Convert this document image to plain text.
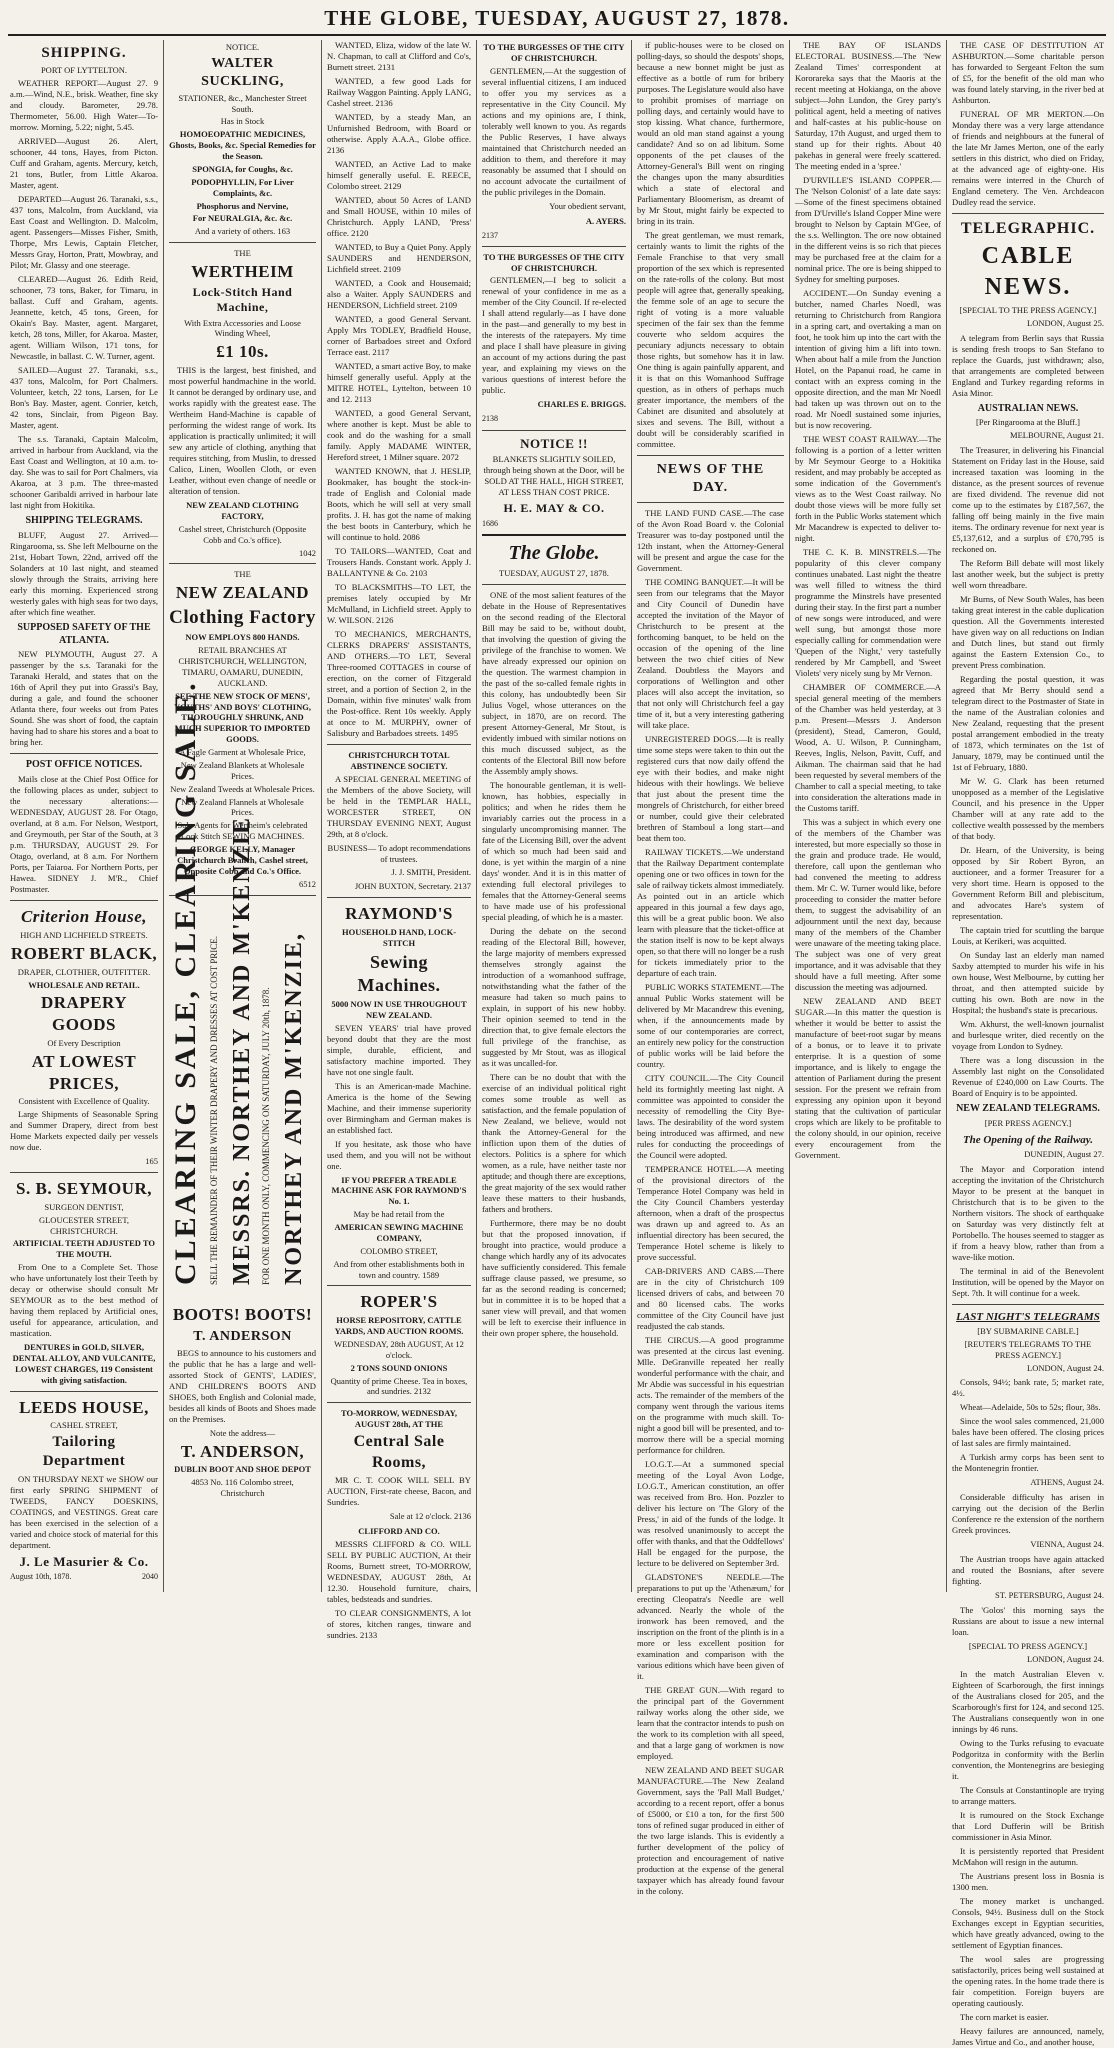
THE GLOBE, TUESDAY, AUGUST 27, 1878.
SHIPPING.
PORT OF LYTTELTON.

WEATHER REPORT—August 27. 9 a.m.—Wind, N.E., brisk. Weather, fine sky and cloudy. Barometer, 29.78. Thermometer, 56.00. High Water—To-morrow. Morning, 5.22; night, 5.45.

ARRIVED—August 26. Alert, schooner, 44 tons, Hayes, from Picton. Cuff and Graham, agents. Mercury, ketch, 21 tons, Butler, from Little Akaroa. Master, agent.

DEPARTED—August 26. Taranaki, s.s., 437 tons, Malcolm, from Auckland, via East Coast and Wellington. D. Malcolm, agent. Passengers—Misses Fisher, Smith, Thorpe, Mrs Lewis, Captain Fletcher, Messrs Gray, Horton, Pratt, Mowbray, and Pilot; Mr. Glassy and one steerage.

CLEARED—August 26. Edith Reid, schooner, 73 tons, Baker, for Timaru, in ballast. Cuff and Graham, agents. Jeannette, ketch, 45 tons, Green, for Okain's Bay. Master, agent. Margaret, ketch, 28 tons, Miller, for Akaroa. Master, agent. William Wilson, 171 tons, for Newcastle, in ballast. C. W. Turner, agent.

SAILED—August 27. Taranaki, s.s., 437 tons, Malcolm, for Port Chalmers. Volunteer, ketch, 22 tons, Larsen, for Le Bon's Bay. Master, agent. Conrier, ketch, 42 tons, Sinclair, from Pigeon Bay. Master, agent.

The s.s. Taranaki, Captain Malcolm, arrived in harbour from Auckland, via the East Coast and Wellington, at 10 a.m. to-day. She was to sail for Port Chalmers, via Akaroa, at 3 p.m. The three-masted schooner Garibaldi arrived in harbour late last night from Hokitika.

SHIPPING TELEGRAMS.

BLUFF, August 27. Arrived—Ringarooma, ss. She left Melbourne on the 21st, Hobart Town, 22nd, arrived off the Solanders at 10 last night, and steamed slowly through the Straits, arriving here early this morning. Experienced strong westerly gales with high seas for two days, after which fine weather.

SUPPOSED SAFETY OF THE ATLANTA.

NEW PLYMOUTH, August 27. A passenger by the s.s. Taranaki for the Taranaki Herald, and states that on the 16th of April they put into Grassi's Bay, during a gale, and found the schooner Atlanta there, four weeks out from Pates Sound. She was short of food, the captain having had to share his stores and a boat to bring her.

POST OFFICE NOTICES.

Mails close at the Chief Post Office for the following places as under, subject to the necessary alterations:— WEDNESDAY, AUGUST 28. For Otago, overland, at 8 a.m. For Nelson, Westport, and Greymouth, per Star of the South, at 3 p.m. THURSDAY, AUGUST 29. For Otago, overland, at 8 a.m. For Northern Ports, per Taiaroa. For Northern Ports, per Hawea. SIDNEY J. M'R., Chief Postmaster.

Criterion House,
HIGH AND LICHFIELD STREETS.
ROBERT BLACK,
DRAPER, CLOTHIER, OUTFITTER.
WHOLESALE AND RETAIL.
DRAPERY GOODS
Of Every Description
AT LOWEST PRICES,
Consistent with Excellence of Quality.

Large Shipments of Seasonable Spring and Summer Drapery, direct from best Home Markets expected daily per vessels now due.

165
S. B. SEYMOUR,
SURGEON DENTIST,
GLOUCESTER STREET, CHRISTCHURCH.
ARTIFICIAL TEETH ADJUSTED TO THE MOUTH.

From One to a Complete Set. Those who have unfortunately lost their Teeth by decay or otherwise should consult Mr SEYMOUR as to the best method of having them replaced by Artificial ones, useful for appearance, articulation, and mastication.

DENTURES in GOLD, SILVER, DENTAL ALLOY, AND VULCANITE, LOWEST CHARGES, 119 Consistent with giving satisfaction.
LEEDS HOUSE,
CASHEL STREET,
Tailoring Department

ON THURSDAY NEXT we SHOW our first early SPRING SHIPMENT of TWEEDS, FANCY DOESKINS, COATINGS, and VESTINGS. Great care has been exercised in the selection of a varied and choice stock of material for this department.

J. Le Masurier & Co.
August 10th, 1878.	2040
NOTICE.
WALTER SUCKLING,
STATIONER, &c., Manchester Street South.
Has in Stock
HOMOEOPATHIC MEDICINES, Ghosts, Books, &c. Special Remedies for the Season.
SPONGIA, for Coughs, &c.
PODOPHYLLIN, For Liver Complaints, &c.
Phosphorus and Nervine,
For NEURALGIA, &c. &c.
And a variety of others. 163
THE
WERTHEIM
Lock-Stitch Hand Machine,
With Extra Accessories and Loose Winding Wheel,
£1 10s.

THIS is the largest, best finished, and most powerful handmachine in the world. It cannot be deranged by ordinary use, and works rapidly with the greatest ease. The Wertheim Hand-Machine is capable of performing the widest range of work. Its application is practically unlimited; it will sew any article of clothing, anything that requires stitching, from Muslin, to dressed Calico, Linen, Woollen Cloth, or even Leather, without even change of needle or alteration of tension.

NEW ZEALAND CLOTHING FACTORY,
Cashel street, Christchurch (Opposite Cobb and Co.'s office).
1042
THE
NEW ZEALAND
Clothing Factory
NOW EMPLOYS 800 HANDS.
RETAIL BRANCHES AT CHRISTCHURCH, WELLINGTON, TIMARU, OAMARU, DUNEDIN, AUCKLAND.
SEE THE NEW STOCK OF MENS', YOUTHS' AND BOYS' CLOTHING, THOROUGHLY SHRUNK, AND MUCH SUPERIOR TO IMPORTED GOODS.
A Fagle Garment at Wholesale Price,
New Zealand Blankets at Wholesale Prices.
New Zealand Tweeds at Wholesale Prices.
New Zealand Flannels at Wholesale Prices.
Sole Agents for Wertheim's celebrated Lock Stitch SEWING MACHINES.
GEORGE KELLY, Manager Christchurch Branch, Cashel street, Opposite Cobb and Co.'s Office.
6512
CLEARING SALE, CLEARING SALE. SELL THE REMAINDER OF THEIR WINTER DRAPERY AND DRESSES AT COST PRICE. MESSRS. NORTHEY AND M'KENZIE FOR ONE MONTH ONLY, COMMENCING ON SATURDAY, JULY 20th, 1878. NORTHEY AND M'KENZIE,
BOOTS! BOOTS!
T. ANDERSON

BEGS to announce to his customers and the public that he has a large and well-assorted Stock of GENTS', LADIES', AND CHILDREN'S BOOTS AND SHOES, both English and Colonial made, besides all kinds of Boots and Shoes made on the Premises.

Note the address—
T. ANDERSON,
DUBLIN BOOT AND SHOE DEPOT
4853 No. 116 Colombo street, Christchurch

WANTED, Eliza, widow of the late W. N. Chapman, to call at Clifford and Co's, Burnett street. 2131

WANTED, a few good Lads for Railway Waggon Painting. Apply LANG, Cashel street. 2136

WANTED, by a steady Man, an Unfurnished Bedroom, with Board or otherwise. Apply A.A.A., Globe office. 2136

WANTED, an Active Lad to make himself generally useful. E. REECE, Colombo street. 2129

WANTED, about 50 Acres of LAND and Small HOUSE, within 10 miles of Christchurch. Apply LAND, 'Press' office. 2120

WANTED, to Buy a Quiet Pony. Apply SAUNDERS and HENDERSON, Lichfield street. 2109

WANTED, a Cook and Housemaid; also a Waiter. Apply SAUNDERS and HENDERSON, Lichfield street. 2109

WANTED, a good General Servant. Apply Mrs TODLEY, Bradfield House, corner of Barbadoes street and Oxford Terrace east. 2117

WANTED, a smart active Boy, to make himself generally useful. Apply at the MITRE HOTEL, Lyttelton, between 10 and 12. 2113

WANTED, a good General Servant, where another is kept. Must be able to cook and do the washing for a small family. Apply MADAME WINTER, Hereford street, 1 Milner square. 2072

WANTED KNOWN, that J. HESLIP, Bookmaker, has bought the stock-in-trade of English and Colonial made Boots, which he will sell at very small profits. J. H. has got the name of making the best boots in Canterbury, which he will continue to hold. 2086

TO TAILORS—WANTED, Coat and Trousers Hands. Constant work. Apply J. BALLANTYNE & Co. 2103

TO BLACKSMITHS—TO LET, the premises lately occupied by Mr McMulland, in Lichfield street. Apply to W. WILSON. 2126

TO MECHANICS, MERCHANTS, CLERKS DRAPERS' ASSISTANTS, AND OTHERS.—TO LET, Several Three-roomed COTTAGES in course of erection, on the corner of Fitzgerald street, and a portion of Section 2, in the Domain, within five minutes' walk from the Post-office. Rent 10s weekly. Apply at once to M. MURPHY, owner of Salisbury and Barbadoes streets. 1495

CHRISTCHURCH TOTAL ABSTINENCE SOCIETY.

A SPECIAL GENERAL MEETING of the Members of the above Society, will be held in the TEMPLAR HALL, WORCESTER STREET, ON THURSDAY EVENING NEXT, August 29th, at 8 o'clock.

BUSINESS— To adopt recommendations of trustees.
J. J. SMITH, President.
JOHN BUXTON, Secretary. 2137
RAYMOND'S
HOUSEHOLD HAND, LOCK-STITCH
Sewing Machines.
5000 NOW IN USE THROUGHOUT NEW ZEALAND.

SEVEN YEARS' trial have proved beyond doubt that they are the most simple, durable, efficient, and satisfactory machine imported. They have not one single fault.

This is an American-made Machine. America is the home of the Sewing Machine, and their immense superiority over Birmingham and German makes is an established fact.

If you hesitate, ask those who have used them, and you will not be without one.

IF YOU PREFER A TREADLE MACHINE ASK FOR RAYMOND'S No. 1.
May be had retail from the
AMERICAN SEWING MACHINE COMPANY,
COLOMBO STREET,
And from other establishments both in town and country. 1589
ROPER'S
HORSE REPOSITORY, CATTLE YARDS, AND AUCTION ROOMS.
WEDNESDAY, 28th AUGUST, At 12 o'clock.
2 TONS SOUND ONIONS
Quantity of prime Cheese. Tea in boxes, and sundries. 2132
TO-MORROW, WEDNESDAY, AUGUST 28th, AT THE
Central Sale Rooms,

MR C. T. COOK WILL SELL BY AUCTION, First-rate cheese, Bacon, and Sundries.

Sale at 12 o'clock. 2136
CLIFFORD AND CO.

MESSRS CLIFFORD & CO. WILL SELL BY PUBLIC AUCTION, At their Rooms, Burnett street, TO-MORROW, WEDNESDAY, AUGUST 28th, At 12.30. Household furniture, chairs, tables, bedsteads and sundries.

TO CLEAR CONSIGNMENTS, A lot of stores, kitchen ranges, tinware and sundries. 2133

TO THE BURGESSES OF THE CITY OF CHRISTCHURCH.

GENTLEMEN,—At the suggestion of several influential citizens, I am induced to offer you my services as a representative in the City Council. My actions and my opinions are, I think, tolerably well known to you. As regards the Public Reserves, I have always maintained that Christchurch needed an addition to them, and therefore it may reasonably be assumed that I should on no account advocate the curtailment of the public privileges in the Domain.

Your obedient servant,
A. AYERS.
2137
TO THE BURGESSES OF THE CITY OF CHRISTCHURCH.

GENTLEMEN,—I beg to solicit a renewal of your confidence in me as a member of the City Council. If re-elected I shall attend regularly—as I have done in the past—and generally to my best in the interests of the ratepayers. My time and place I shall have pleasure in giving an account of my actions during the past year, and explaining my views on the various questions of interest before the public.

CHARLES E. BRIGGS.
2138
NOTICE !!

BLANKETS SLIGHTLY SOILED, through being shown at the Door, will be SOLD AT THE HALL, HIGH STREET, AT LESS THAN COST PRICE.

H. E. MAY & CO.
1686
The Globe.
TUESDAY, AUGUST 27, 1878.

ONE of the most salient features of the debate in the House of Representatives on the second reading of the Electoral Bill may be said to be, without doubt, that involving the question of giving the privilege of the franchise to women. We have already expressed our opinion on the question. The warmest champion in the past of the so-called female rights in this colony, has undoubtedly been Sir Julius Vogel, whose utterances on the subject, in 1870, are on record. The present Attorney-General, Mr Stout, is evidently imbued with similar notions on this much discussed subject, as the contents of the Electoral Bill now before the Assembly amply shows.

The honourable gentleman, it is well-known, has hobbies, especially in politics; and when he rides them he invariably carries out the process in a singularly uncompromising manner. The fate of the Licensing Bill, over the advent of which so much had been said and done, is yet within the margin of a nine days' wonder. And it is in this matter of extending full electoral privileges to females that the Attorney-General seems to have made use of his professional special pleading, of which he is a master.

During the debate on the second reading of the Electoral Bill, however, the large majority of members expressed themselves strongly against the introduction of a womanhood suffrage, notwithstanding what the father of the measure had taken so much pains to explain, in support of his new hobby. Their opinion seemed to tend in the direction that, to give female electors the full privilege of the franchise, as suggested by Mr Stout, was as illogical as it was uncalled-for.

There can be no doubt that with the exercise of an individual political right comes some trouble as well as satisfaction, and the female population of New Zealand, we believe, would not thank the Attorney-General for the infliction upon them of the duties of electors. Politics is a sphere for which women, as a rule, have neither taste nor aptitude; and though there are exceptions, the great majority of the sex would rather leave these matters to their husbands, fathers and brothers.

Furthermore, there may be no doubt but that the proposed innovation, if brought into practice, would produce a change which hardly any of its advocates have sufficiently considered. This female suffrage clause passed, we presume, so far as the second reading is concerned; but in committee it is to be hoped that a saner view will prevail, and that women will be left to exercise their influence in their own proper sphere, the household.

if public-houses were to be closed on polling-days, so should the despots' shops, because a new bonnet might be just as effective as a bottle of rum for bribery purposes. The Legislature would also have to prohibit promises of marriage on polling days, and certainly would have to stop kissing. What chance, furthermore, would an old man stand against a young candidate? And so on ad libitum. Some opponents of the pet clauses of the Attorney-General's Bill went on ringing the changes upon the many absurdities which a state of electoral and Parliamentary Bloomerism, as dreamt of by Mr Stout, might fairly be expected to bring in its train.

The great gentleman, we must remark, certainly wants to limit the rights of the Female Franchise to that very small proportion of the sex which is represented on the rate-rolls of the colony. But most people will agree that, generally speaking, the femme sole of an age to secure the right of voting is a more valuable specimen of the fair sex than the femme couverte who seldom acquires the pecuniary adjuncts necessary to obtain those rights, but somehow has it in law. One thing is again painfully apparent, and it is that on this Womanhood Suffrage question, as in others of perhaps much greater importance, the members of the Cabinet are disunited and absolutely at sixes and sevens. The Bill, without a doubt will be considerably scarified in committee.

NEWS OF THE DAY.

THE LAND FUND CASE.—The case of the Avon Road Board v. the Colonial Treasurer was to-day postponed until the 12th instant, when the Attorney-General will be present and argue the case for the Government.

THE COMING BANQUET.—It will be seen from our telegrams that the Mayor and City Council of Dunedin have accepted the invitation of the Mayor of Christchurch to be present at the forthcoming banquet, to be held on the occasion of the opening of the line between the two chief cities of New Zealand. Doubtless the Mayors and corporations of Wellington and other places will also accept the invitation, so that not only will Christchurch feel a gay time of it, but a very interesting gathering will take place.

UNREGISTERED DOGS.—It is really time some steps were taken to thin out the registered curs that now daily offend the eye with their bodies, and make night hideous with their howlings. We believe that just about the present time the mongrels of Christchurch, for either breed or number, could give their celebrated brethren of Stamboul a long start—and beat them too.

RAILWAY TICKETS.—We understand that the Railway Department contemplate opening one or two offices in town for the sale of railway tickets almost immediately. As pointed out in an article which appeared in this journal a few days ago, this will be a great public boon. We also learn with pleasure that the ticket-office at the station itself is now to be kept always open, so that there will no longer be a rush for tickets immediately prior to the departure of each train.

PUBLIC WORKS STATEMENT.—The annual Public Works statement will be delivered by Mr Macandrew this evening, when, if the announcements made by some of our contemporaries are correct, an entirely new policy for the construction of public works will be laid before the country.

CITY COUNCIL.—The City Council held its fortnightly meeting last night. A committee was appointed to consider the necessity of remodelling the City Bye-laws. The desirability of the word system being introduced was affirmed, and new rules for conducting the proceedings of the Council were adopted.

TEMPERANCE HOTEL.—A meeting of the provisional directors of the Temperance Hotel Company was held in the City Council Chambers yesterday afternoon, when a draft of the prospectus was drawn up and agreed to. As an influential directory has been secured, the Temperance Hotel scheme is likely to prove successful.

CAB-DRIVERS AND CABS.—There are in the city of Christchurch 109 licensed drivers of cabs, and between 70 and 80 licensed cabs. The works committee of the City Council have just readjusted the cab stands.

THE CIRCUS.—A good programme was presented at the circus last evening. Mlle. DeGranville repeated her really wonderful performance with the chair, and Mr Abdie was successful in his equestrian acts. The remainder of the members of the company went through the various items on the programme with much skill. To-night a good bill will be presented, and to-morrow there will be a special morning performance for children.

I.O.G.T.—At a summoned special meeting of the Loyal Avon Lodge, I.O.G.T., American constitution, an offer was received from Bro. Hon. Pozzler to deliver his lecture on 'The Glory of the Press,' in aid of the funds of the lodge. It was resolved unanimously to accept the offer with thanks, and that the Oddfellows' Hall be engaged for the purpose, the lecture to be delivered on September 3rd.

GLADSTONE'S NEEDLE.—The preparations to put up the 'Athenæum,' for erecting Cleopatra's Needle are well advanced. Nearly the whole of the ironwork has been removed, and the inscription on the front of the plinth is in a more or less excellent position for examination and comparison with the various editions which have been given of it.

THE GREAT GUN.—With regard to the principal part of the Government railway works along the other side, we learn that the contractor intends to push on the work to its completion with all speed, and that a large gang of workmen is now employed.

NEW ZEALAND AND BEET SUGAR MANUFACTURE.—The New Zealand Government, says the 'Pall Mall Budget,' according to a recent report, offer a bonus of £5000, or £10 a ton, for the first 500 tons of refined sugar produced in either of the two large islands. This is evidently a further development of the policy of protection and encouragement of native production at the expense of the general taxpayer which has already found favour in the colony.

THE BAY OF ISLANDS ELECTORAL BUSINESS.—The 'New Zealand Times' correspondent at Kororareka says that the Maoris at the recent meeting at Hokianga, on the above subject—John Lundon, the Grey party's political agent, held a meeting of natives and half-castes at his public-house on Saturday, 17th August, and urged them to stand up for their rights. About 40 pakehas in general were freely scattered. The meeting ended in a 'spree.'

D'URVILLE'S ISLAND COPPER.—The 'Nelson Colonist' of a late date says:—Some of the finest specimens obtained from D'Urville's Island Copper Mine were brought to Nelson by Captain M'Gee, of the s.s. Wellington. The ore now obtained in the different veins is so rich that pieces may be purchased free at the claim for a nominal price. The ore is being shipped to Sydney for smelting purposes.

ACCIDENT.—On Sunday evening a butcher, named Charles Noedl, was returning to Christchurch from Rangiora in a spring cart, and overtaking a man on foot, he took him up into the cart with the intention of giving him a lift into town. When about half a mile from the Junction Hotel, on the Papanui road, he came in contact with an express coming in the opposite direction, and the man Mr Noedl had taken up was thrown out on to the road. Mr Noedl sustained some injuries, but is now recovering.

THE WEST COAST RAILWAY.—The following is a portion of a letter written by Mr Seymour George to a Hokitika resident, and may probably be accepted as some indication of the Government's views as to the West Coast railway. No doubt those views will be more fully set forth in the Public Works statement which Mr Macandrew is expected to deliver to-night.

THE C. K. B. MINSTRELS.—The popularity of this clever company continues unabated. Last night the theatre was well filled to witness the third programme the Minstrels have presented during their stay. In the first part a number of new songs were introduced, and were well sung, but amongst those more especially calling for commendation were 'Quepen of the Night,' very tastefully rendered by Mr Campbell, and 'Sweet Violets' very nicely sung by Mr Vernon.

CHAMBER OF COMMERCE.—A special general meeting of the members of the Chamber was held yesterday, at 3 p.m. Present—Messrs J. Anderson (president), Stead, Cameron, Gould, Wood, A. U. Wilson, P. Cunningham, Reeves, Inglis, Nelson, Pavitt, Cuff, and Aikman. The chairman said that he had been requested by several members of the Chamber to call a special meeting, to take into consideration the alterations made in the Customs tariff.

This was a subject in which every one of the members of the Chamber was interested, but more especially so those in the grain and produce trade. He would, therefore, call upon the gentleman who had convened the meeting to address them. Mr C. W. Turner would like, before proceeding to consider the matter before them, to suggest the advisability of an adjournment until the next day, because many of the members of the Chamber were unaware of the meeting taking place. The subject was one of very great importance, and it was advisable that they should have a full meeting. After some discussion the meeting was adjourned.

NEW ZEALAND AND BEET SUGAR.—In this matter the question is whether it would be better to assist the manufacture of beet-root sugar by means of a bonus, or to leave it to private enterprise. It is a question of some importance, and is likely to engage the attention of Parliament during the present session. For the present we refrain from expressing any opinion upon it beyond stating that the cultivation of particular crops which are likely to be profitable to the colony should, in our opinion, receive every encouragement from the Government.

THE CASE OF DESTITUTION AT ASHBURTON.—Some charitable person has forwarded to Sergeant Felton the sum of £5, for the benefit of the old man who was found lately starving, in the river bed at Ashburton.

FUNERAL OF MR MERTON.—On Monday there was a very large attendance of friends and neighbours at the funeral of the late Mr James Merton, one of the early settlers in this district, who died on Friday, at the advanced age of eighty-one. His remains were interred in the Church of England cemetery. The Ven. Archdeacon Dudley read the service.

TELEGRAPHIC.
CABLE NEWS.
[SPECIAL TO THE PRESS AGENCY.]
LONDON, August 25.

A telegram from Berlin says that Russia is sending fresh troops to San Stefano to replace the Guards, just withdrawn; also, that arrangements are completed between England and Turkey regarding reforms in Asia Minor.

AUSTRALIAN NEWS.
[Per Ringarooma at the Bluff.]
MELBOURNE, August 21.

The Treasurer, in delivering his Financial Statement on Friday last in the House, said increased taxation was looming in the distance, as the present sources of revenue are fixed dividend. The revenue did not come up to the estimates by £187,567, the falling off being mainly in the five main items. The ordinary revenue for next year is £5,137,612, and a surplus of £70,795 is reckoned on.

The Reform Bill debate will most likely last another week, but the subject is pretty well worn threadbare.

Mr Burns, of New South Wales, has been taking great interest in the cable duplication question. All the Governments interested have given way on all reductions on Indian and Dutch lines, but stand out firmly against the Eastern Extension Co., to prevent Press combination.

Regarding the postal question, it was agreed that Mr Berry should send a telegram direct to the Postmaster of State in the name of the Australian colonies and New Zealand, requesting that the present postal arrangement embodied in the treaty of 1873, which terminates on the 1st of January, 1879, may be continued until the 1st of February, 1880.

Mr W. G. Clark has been returned unopposed as a member of the Legislative Council, and his presence in the Upper Chamber will at any rate add to the collective wealth possessed by the members of that body.

Dr. Hearn, of the University, is being opposed by Sir Robert Byron, an auctioneer, and a former Treasurer for a very short time. Hearn is opposed to the Government Reform Bill and plebiscitum, and advocates Hare's system of representation.

The captain tried for scuttling the barque Louis, at Kerikeri, was acquitted.

On Sunday last an elderly man named Saxby attempted to murder his wife in his own house, West Melbourne, by cutting her throat, and then attempted suicide by cutting his own. Both are now in the Hospital; the husband's state is precarious.

Wm. Akhurst, the well-known journalist and burlesque writer, died recently on the voyage from London to Sydney.

There was a long discussion in the Assembly last night on the Consolidated Revenue of £240,000 on Law Courts. The Board of Enquiry is to be appointed.

NEW ZEALAND TELEGRAMS.
[PER PRESS AGENCY.]
The Opening of the Railway.
DUNEDIN, August 27.

The Mayor and Corporation intend accepting the invitation of the Christchurch Mayor to be present at the banquet in Christchurch that is to be given to the Northern visitors. The shock of earthquake on Saturday was very distinctly felt at Portobello. The houses seemed to stagger as if from a heavy blow, rather than from a wave-like motion.

The terminal in aid of the Benevolent Institution, will be opened by the Mayor on Sept. 7th. It will continue for a week.

LAST NIGHT'S TELEGRAMS
[BY SUBMARINE CABLE.]
[REUTER'S TELEGRAMS TO THE PRESS AGENCY.]
LONDON, August 24.

Consols, 94½; bank rate, 5; market rate, 4½.

Wheat—Adelaide, 50s to 52s; flour, 38s.

Since the wool sales commenced, 21,000 bales have been offered. The closing prices of last sales are firmly maintained.

A Turkish army corps has been sent to the Montenegrin frontier.

ATHENS, August 24.

Considerable difficulty has arisen in carrying out the decision of the Berlin Conference re the extension of the northern Greek provinces.

VIENNA, August 24.

The Austrian troops have again attacked and routed the Bosnians, after severe fighting.

ST. PETERSBURG, August 24.

The 'Golos' this morning says the Russians are about to issue a new internal loan.

[SPECIAL TO PRESS AGENCY.]
LONDON, August 24.

In the match Australian Eleven v. Eighteen of Scarborough, the first innings of the Australians closed for 205, and the Scarborough's first for 124, and second 125. The Australians consequently won in one innings by 46 runs.

Owing to the Turks refusing to evacuate Podgoritza in conformity with the Berlin convention, the Montenegrins are besieging it.

The Consuls at Constantinople are trying to arrange matters.

It is rumoured on the Stock Exchange that Lord Dufferin will be British commissioner in Asia Minor.

It is persistently reported that President McMahon will resign in the autumn.

The Austrians present loss in Bosnia is 1300 men.

The money market is unchanged. Consols, 94½. Business dull on the Stock Exchanges except in Egyptian securities, which have greatly advanced, owing to the settlement of Egyptian finances.

The wool sales are progressing satisfactorily, prices being well sustained at the opening rates. In the home trade there is fair competition. Foreign buyers are operating cautiously.

The corn market is easier.

Heavy failures are announced, namely, James Virtue and Co., and another house,
